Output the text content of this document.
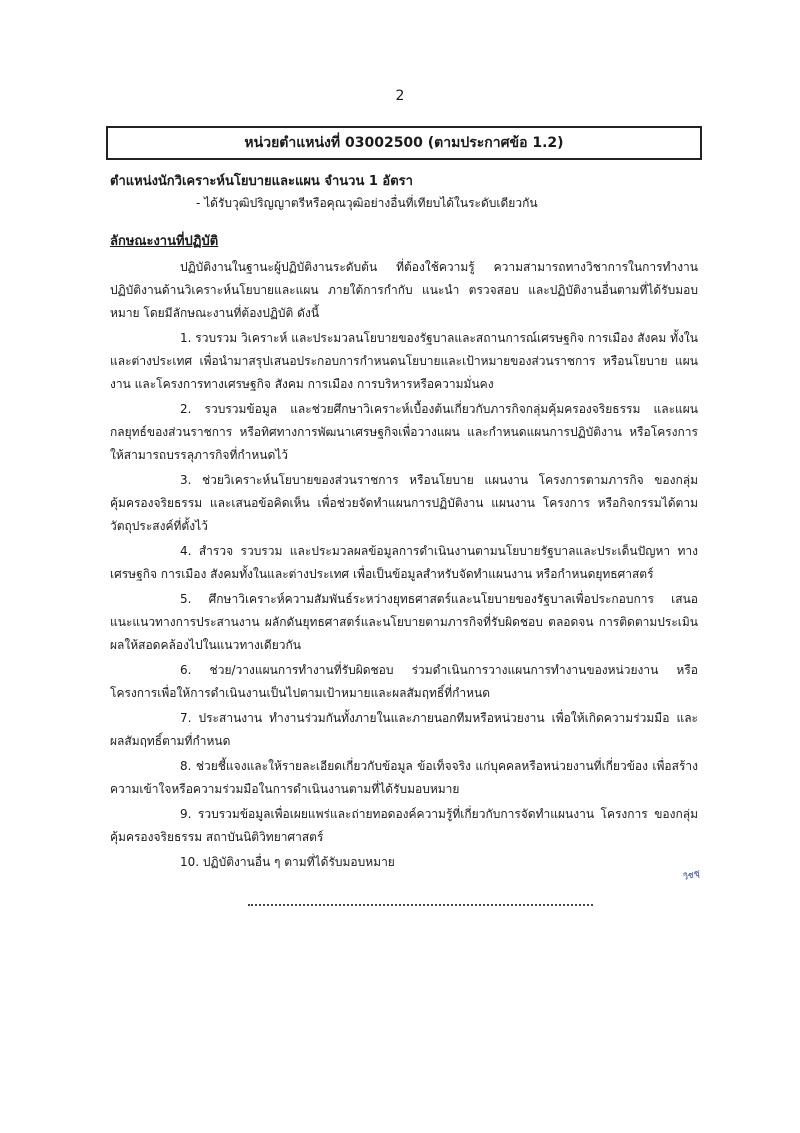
2
หน่วยตำแหน่งที่ 03002500 (ตามประกาศข้อ 1.2)
ตำแหน่งนักวิเคราะห์นโยบายและแผน จำนวน 1 อัตรา
- ได้รับวุฒิปริญญาตรีหรือคุณวุฒิอย่างอื่นที่เทียบได้ในระดับเดียวกัน
ลักษณะงานที่ปฏิบัติ

ปฏิบัติงานในฐานะผู้ปฏิบัติงานระดับต้น ที่ต้องใช้ความรู้ ความสามารถทางวิชาการในการทำงาน ปฏิบัติงานด้านวิเคราะห์นโยบายและแผน ภายใต้การกำกับ แนะนำ ตรวจสอบ และปฏิบัติงานอื่นตามที่ได้รับมอบหมาย โดยมีลักษณะงานที่ต้องปฏิบัติ ดังนี้

1. รวบรวม วิเคราะห์ และประมวลนโยบายของรัฐบาลและสถานการณ์เศรษฐกิจ การเมือง สังคม ทั้งในและต่างประเทศ เพื่อนำมาสรุปเสนอประกอบการกำหนดนโยบายและเป้าหมายของส่วนราชการ หรือนโยบาย แผนงาน และโครงการทางเศรษฐกิจ สังคม การเมือง การบริหารหรือความมั่นคง

2. รวบรวมข้อมูล และช่วยศึกษาวิเคราะห์เบื้องต้นเกี่ยวกับภารกิจกลุ่มคุ้มครองจริยธรรม และแผนกลยุทธ์ของส่วนราชการ หรือทิศทางการพัฒนาเศรษฐกิจเพื่อวางแผน และกำหนดแผนการปฏิบัติงาน หรือโครงการให้สามารถบรรลุภารกิจที่กำหนดไว้

3. ช่วยวิเคราะห์นโยบายของส่วนราชการ หรือนโยบาย แผนงาน โครงการตามภารกิจ ของกลุ่มคุ้มครองจริยธรรม และเสนอข้อคิดเห็น เพื่อช่วยจัดทำแผนการปฏิบัติงาน แผนงาน โครงการ หรือกิจกรรมได้ตามวัตถุประสงค์ที่ตั้งไว้

4. สำรวจ รวบรวม และประมวลผลข้อมูลการดำเนินงานตามนโยบายรัฐบาลและประเด็นปัญหา ทางเศรษฐกิจ การเมือง สังคมทั้งในและต่างประเทศ เพื่อเป็นข้อมูลสำหรับจัดทำแผนงาน หรือกำหนดยุทธศาสตร์

5. ศึกษาวิเคราะห์ความสัมพันธ์ระหว่างยุทธศาสตร์และนโยบายของรัฐบาลเพื่อประกอบการ เสนอแนะแนวทางการประสานงาน ผลักดันยุทธศาสตร์และนโยบายตามภารกิจที่รับผิดชอบ ตลอดจน การติดตามประเมินผลให้สอดคล้องไปในแนวทางเดียวกัน

6. ช่วย/วางแผนการทำงานที่รับผิดชอบ ร่วมดำเนินการวางแผนการทำงานของหน่วยงาน หรือโครงการเพื่อให้การดำเนินงานเป็นไปตามเป้าหมายและผลสัมฤทธิ์ที่กำหนด

7. ประสานงาน ทำงานร่วมกันทั้งภายในและภายนอกทีมหรือหน่วยงาน เพื่อให้เกิดความร่วมมือ และผลสัมฤทธิ์ตามที่กำหนด

8. ช่วยชี้แจงและให้รายละเอียดเกี่ยวกับข้อมูล ข้อเท็จจริง แก่บุคคลหรือหน่วยงานที่เกี่ยวข้อง เพื่อสร้างความเข้าใจหรือความร่วมมือในการดำเนินงานตามที่ได้รับมอบหมาย

9. รวบรวมข้อมูลเพื่อเผยแพร่และถ่ายทอดองค์ความรู้ที่เกี่ยวกับการจัดทำแผนงาน โครงการ ของกลุ่มคุ้มครองจริยธรรม สถาบันนิติวิทยาศาสตร์

10. ปฏิบัติงานอื่น ๆ ตามที่ได้รับมอบหมาย

วิชชุ
